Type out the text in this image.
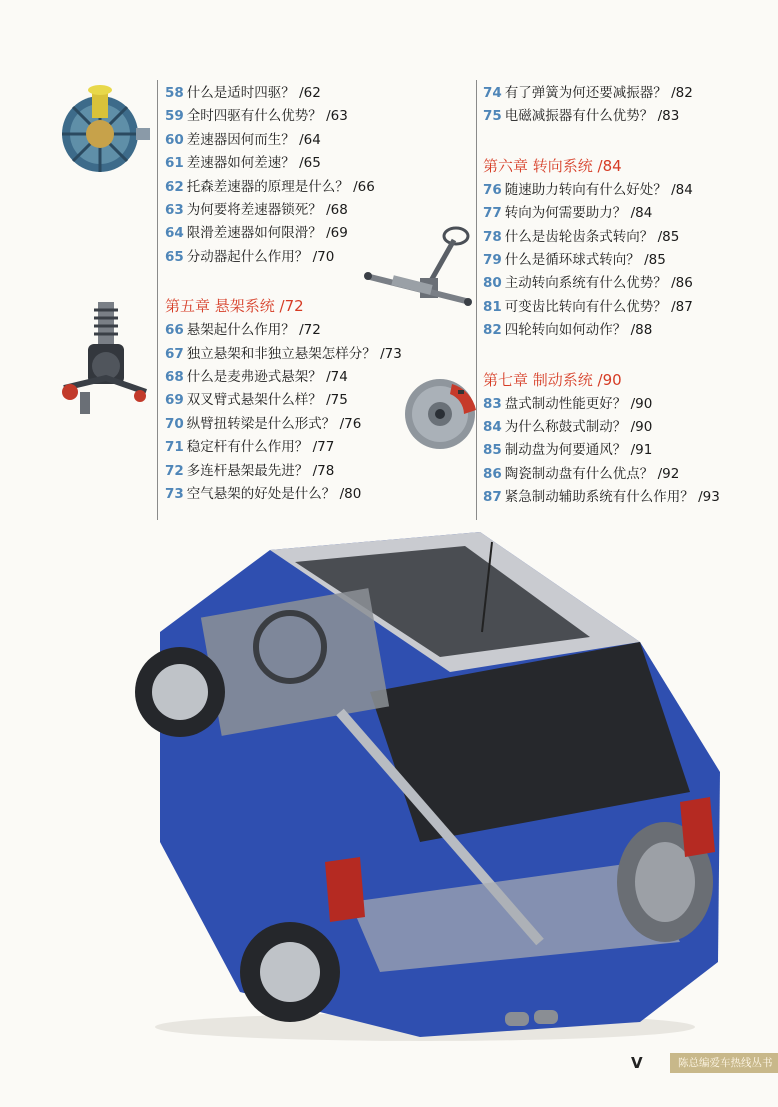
58 什么是适时四驱？ /62
59 全时四驱有什么优势？ /63
60 差速器因何而生？ /64
61 差速器如何差速？ /65
62 托森差速器的原理是什么？ /66
63 为何要将差速器锁死？ /68
64 限滑差速器如何限滑？ /69
65 分动器起什么作用？ /70
第五章 悬架系统 /72
66 悬架起什么作用？ /72
67 独立悬架和非独立悬架怎样分？ /73
68 什么是麦弗逊式悬架？ /74
69 双叉臂式悬架什么样？ /75
70 纵臂扭转梁是什么形式？ /76
71 稳定杆有什么作用？ /77
72 多连杆悬架最先进？ /78
73 空气悬架的好处是什么？ /80
74 有了弹簧为何还要减振器？ /82
75 电磁减振器有什么优势？ /83
第六章 转向系统 /84
76 随速助力转向有什么好处？ /84
77 转向为何需要助力？ /84
78 什么是齿轮齿条式转向？ /85
79 什么是循环球式转向？ /85
80 主动转向系统有什么优势？ /86
81 可变齿比转向有什么优势？ /87
82 四轮转向如何动作？ /88
第七章 制动系统 /90
83 盘式制动性能更好？ /90
84 为什么称鼓式制动？ /90
85 制动盘为何要通风？ /91
86 陶瓷制动盘有什么优点？ /92
87 紧急制动辅助系统有什么作用？ /93
V	陈总编爱车热线丛书
